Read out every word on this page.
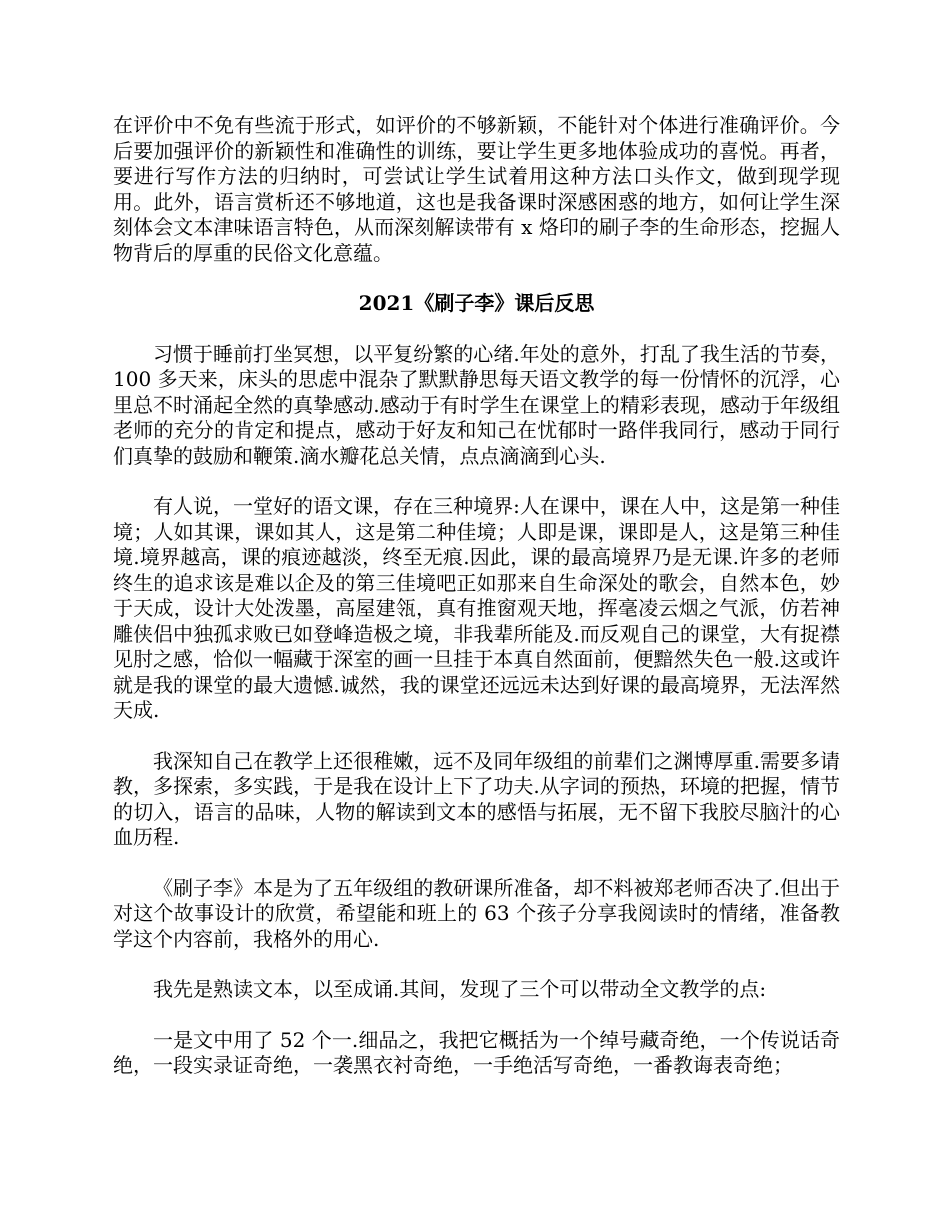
在评价中不免有些流于形式，如评价的不够新颖，不能针对个体进行准确评价。今后要加强评价的新颖性和准确性的训练，要让学生更多地体验成功的喜悦。再者，要进行写作方法的归纳时，可尝试让学生试着用这种方法口头作文，做到现学现用。此外，语言赏析还不够地道，这也是我备课时深感困惑的地方，如何让学生深刻体会文本津味语言特色，从而深刻解读带有 x 烙印的刷子李的生命形态，挖掘人物背后的厚重的民俗文化意蕴。

2021《刷子李》课后反思

习惯于睡前打坐冥想，以平复纷繁的心绪.年处的意外，打乱了我生活的节奏，100 多天来，床头的思虑中混杂了默默静思每天语文教学的每一份情怀的沉浮，心里总不时涌起全然的真挚感动.感动于有时学生在课堂上的精彩表现，感动于年级组老师的充分的肯定和提点，感动于好友和知己在忧郁时一路伴我同行，感动于同行们真挚的鼓励和鞭策.滴水瓣花总关情，点点滴滴到心头.

有人说，一堂好的语文课，存在三种境界:人在课中，课在人中，这是第一种佳境；人如其课，课如其人，这是第二种佳境；人即是课，课即是人，这是第三种佳境.境界越高，课的痕迹越淡，终至无痕.因此，课的最高境界乃是无课.许多的老师终生的追求该是难以企及的第三佳境吧正如那来自生命深处的歌会，自然本色，妙于天成，设计大处泼墨，高屋建瓴，真有推窗观天地，挥毫凌云烟之气派，仿若神雕侠侣中独孤求败已如登峰造极之境，非我辈所能及.而反观自己的课堂，大有捉襟见肘之感，恰似一幅藏于深室的画一旦挂于本真自然面前，便黯然失色一般.这或许就是我的课堂的最大遗憾.诚然，我的课堂还远远未达到好课的最高境界，无法浑然天成.

我深知自己在教学上还很稚嫩，远不及同年级组的前辈们之渊博厚重.需要多请教，多探索，多实践，于是我在设计上下了功夫.从字词的预热，环境的把握，情节的切入，语言的品味，人物的解读到文本的感悟与拓展，无不留下我胶尽脑汁的心血历程.

《刷子李》本是为了五年级组的教研课所准备，却不料被郑老师否决了.但出于对这个故事设计的欣赏，希望能和班上的 63 个孩子分享我阅读时的情绪，准备教学这个内容前，我格外的用心.

我先是熟读文本，以至成诵.其间，发现了三个可以带动全文教学的点:

一是文中用了 52 个一.细品之，我把它概括为一个绰号藏奇绝，一个传说话奇绝，一段实录证奇绝，一袭黑衣衬奇绝，一手绝活写奇绝，一番教诲表奇绝；
